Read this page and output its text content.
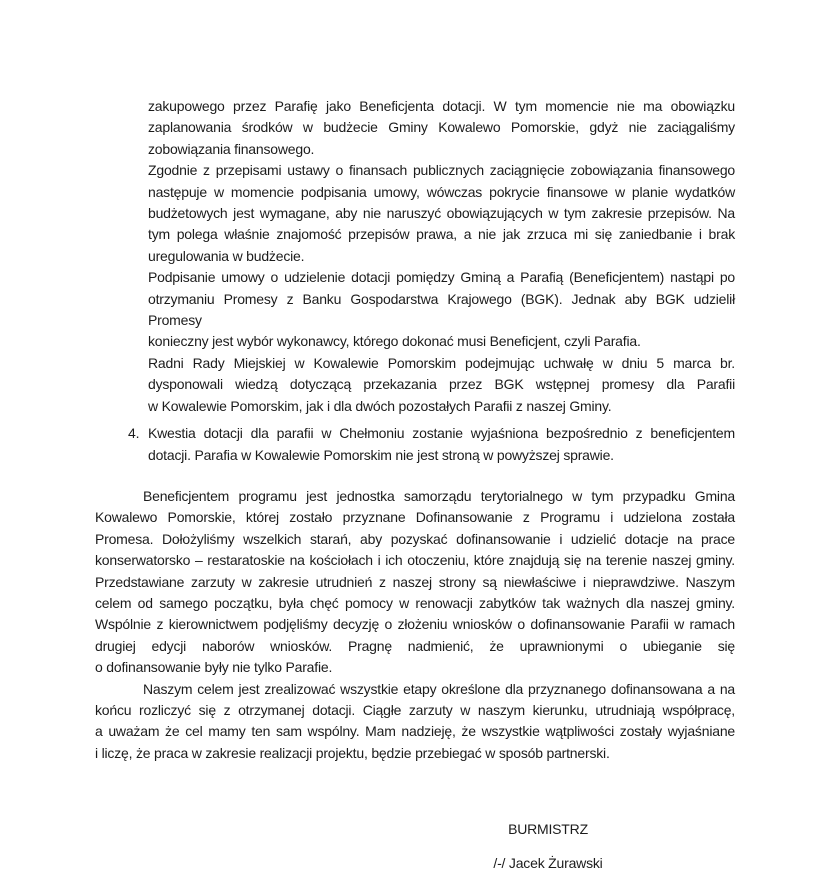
zakupowego przez Parafię jako Beneficjenta dotacji. W tym momencie nie ma obowiązku
zaplanowania środków w budżecie Gminy Kowalewo Pomorskie, gdyż nie zaciągaliśmy
zobowiązania finansowego.
Zgodnie z przepisami ustawy o finansach publicznych zaciągnięcie zobowiązania finansowego
następuje w momencie podpisania umowy, wówczas pokrycie finansowe w planie wydatków
budżetowych jest wymagane, aby nie naruszyć obowiązujących w tym zakresie przepisów. Na
tym polega właśnie znajomość przepisów prawa, a nie jak zrzuca mi się zaniedbanie i brak
uregulowania w budżecie.
Podpisanie umowy o udzielenie dotacji pomiędzy Gminą a Parafią (Beneficjentem) nastąpi po
otrzymaniu Promesy z Banku Gospodarstwa Krajowego (BGK). Jednak aby BGK udzielił Promesy
konieczny jest wybór wykonawcy, którego dokonać musi Beneficjent, czyli Parafia.
Radni Rady Miejskiej w Kowalewie Pomorskim podejmując uchwałę w dniu 5 marca br.
dysponowali wiedzą dotyczącą przekazania przez BGK wstępnej promesy dla Parafii
w Kowalewie Pomorskim, jak i dla dwóch pozostałych Parafii z naszej Gminy.
4. Kwestia dotacji dla parafii w Chełmoniu zostanie wyjaśniona bezpośrednio z beneficjentem
dotacji. Parafia w Kowalewie Pomorskim nie jest stroną w powyższej sprawie.
Beneficjentem programu jest jednostka samorządu terytorialnego w tym przypadku Gmina
Kowalewo Pomorskie, której zostało przyznane Dofinansowanie z Programu i udzielona została
Promesa. Dołożyliśmy wszelkich starań, aby pozyskać dofinansowanie i udzielić dotacje na prace
konserwatorsko – restaratoskie na kościołach i ich otoczeniu, które znajdują się na terenie naszej gminy.
Przedstawiane zarzuty w zakresie utrudnień z naszej strony są niewłaściwe i nieprawdziwe. Naszym
celem od samego początku, była chęć pomocy w renowacji zabytków tak ważnych dla naszej gminy.
Wspólnie z kierownictwem podjęliśmy decyzję o złożeniu wniosków o dofinansowanie Parafii w ramach
drugiej edycji naborów wniosków. Pragnę nadmienić, że uprawnionymi o ubieganie się
o dofinansowanie były nie tylko Parafie.
Naszym celem jest zrealizować wszystkie etapy określone dla przyznanego dofinansowana a na
końcu rozliczyć się z otrzymanej dotacji. Ciągłe zarzuty w naszym kierunku, utrudniają współpracę,
a uważam że cel mamy ten sam wspólny. Mam nadzieję, że wszystkie wątpliwości zostały wyjaśniane
i liczę, że praca w zakresie realizacji projektu, będzie przebiegać w sposób partnerski.
BURMISTRZ
/-/ Jacek Żurawski
